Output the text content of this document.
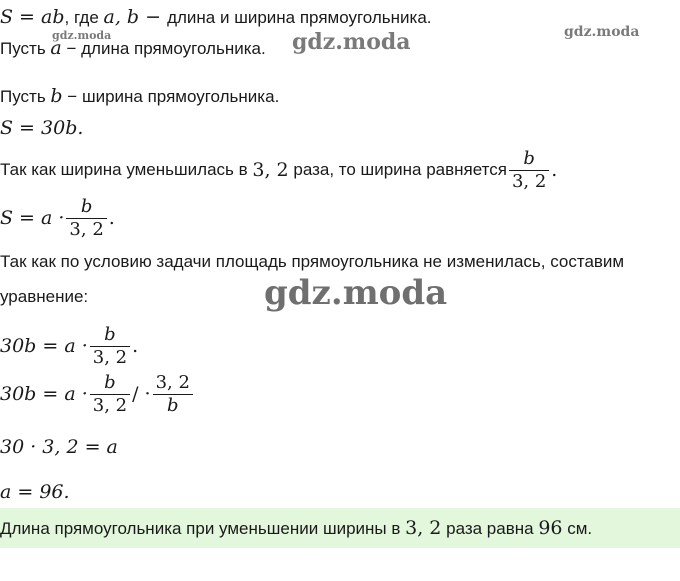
S = ab, где a, b − длина и ширина прямоугольника.
Пусть a − длина прямоугольника.
Пусть b − ширина прямоугольника.
S = 30b.
Так как ширина уменьшилась в
3, 2
раза, то ширина равняется $\frac{b}{3, 2}$ .
$S = a \cdot \frac{b}{3, 2}$ .
Так как по условию задачи площадь прямоугольника не изменилась, составим
уравнение:
$30b = a \cdot \frac{b}{3, 2}$ .
$30b = a \cdot \frac{b}{3, 2}$ / · $\frac{3, 2}{b}$
30 · 3, 2 = a
a = 96.
Длина прямоугольника при уменьшении ширины в 3, 2 раза равна 96 см.
gdz.moda	gdz.moda	gdz.moda
gdz.moda
